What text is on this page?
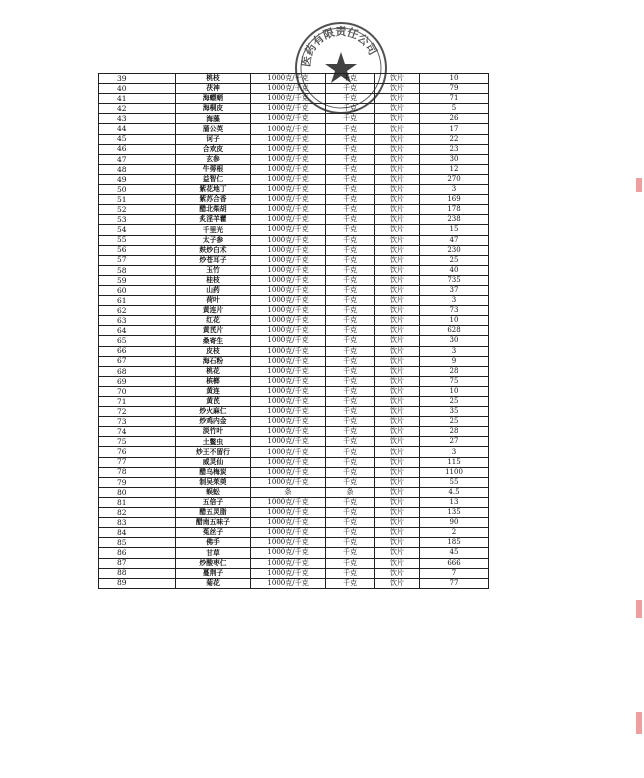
医药有限责任公司
39	桃枝	1000克/千克	千克	饮片	10
40	茯神	1000克/千克	千克	饮片	79
41	海螵蛸	1000克/千克	千克	饮片	71
42	海桐皮	1000克/千克	千克	饮片	5
43	海藻	1000克/千克	千克	饮片	26
44	蒲公英	1000克/千克	千克	饮片	17
45	诃子	1000克/千克	千克	饮片	22
46	合欢皮	1000克/千克	千克	饮片	23
47	玄参	1000克/千克	千克	饮片	30
48	牛蒡根	1000克/千克	千克	饮片	12
49	益智仁	1000克/千克	千克	饮片	270
50	紫花地丁	1000克/千克	千克	饮片	3
51	紫苏合香	1000克/千克	千克	饮片	169
52	醋北柴胡	1000克/千克	千克	饮片	178
53	炙淫羊藿	1000克/千克	千克	饮片	238
54	千里光	1000克/千克	千克	饮片	15
55	太子参	1000克/千克	千克	饮片	47
56	麸炒白术	1000克/千克	千克	饮片	230
57	炒苍耳子	1000克/千克	千克	饮片	25
58	玉竹	1000克/千克	千克	饮片	40
59	桂枝	1000克/千克	千克	饮片	735
60	山药	1000克/千克	千克	饮片	37
61	荷叶	1000克/千克	千克	饮片	3
62	黄连片	1000克/千克	千克	饮片	73
63	红花	1000克/千克	千克	饮片	10
64	黄芪片	1000克/千克	千克	饮片	628
65	桑寄生	1000克/千克	千克	饮片	30
66	皮枝	1000克/千克	千克	饮片	3
67	海石粉	1000克/千克	千克	饮片	9
68	桃花	1000克/千克	千克	饮片	28
69	槟榔	1000克/千克	千克	饮片	75
70	黄连	1000克/千克	千克	饮片	10
71	黄芪	1000克/千克	千克	饮片	25
72	炒火麻仁	1000克/千克	千克	饮片	35
73	炒鸡内金	1000克/千克	千克	饮片	25
74	淡竹叶	1000克/千克	千克	饮片	28
75	土鳖虫	1000克/千克	千克	饮片	27
76	炒王不留行	1000克/千克	千克	饮片	3
77	威灵仙	1000克/千克	千克	饮片	115
78	醋乌梅炭	1000克/千克	千克	饮片	1100
79	制吴茱萸	1000克/千克	千克	饮片	55
80	蜈蚣	条	条	饮片	4.5
81	五倍子	1000克/千克	千克	饮片	13
82	醋五灵脂	1000克/千克	千克	饮片	135
83	醋南五味子	1000克/千克	千克	饮片	90
84	菟丝子	1000克/千克	千克	饮片	2
85	佛手	1000克/千克	千克	饮片	185
86	甘草	1000克/千克	千克	饮片	45
87	炒酸枣仁	1000克/千克	千克	饮片	666
88	蔓荆子	1000克/千克	千克	饮片	7
89	菊花	1000克/千克	千克	饮片	77
